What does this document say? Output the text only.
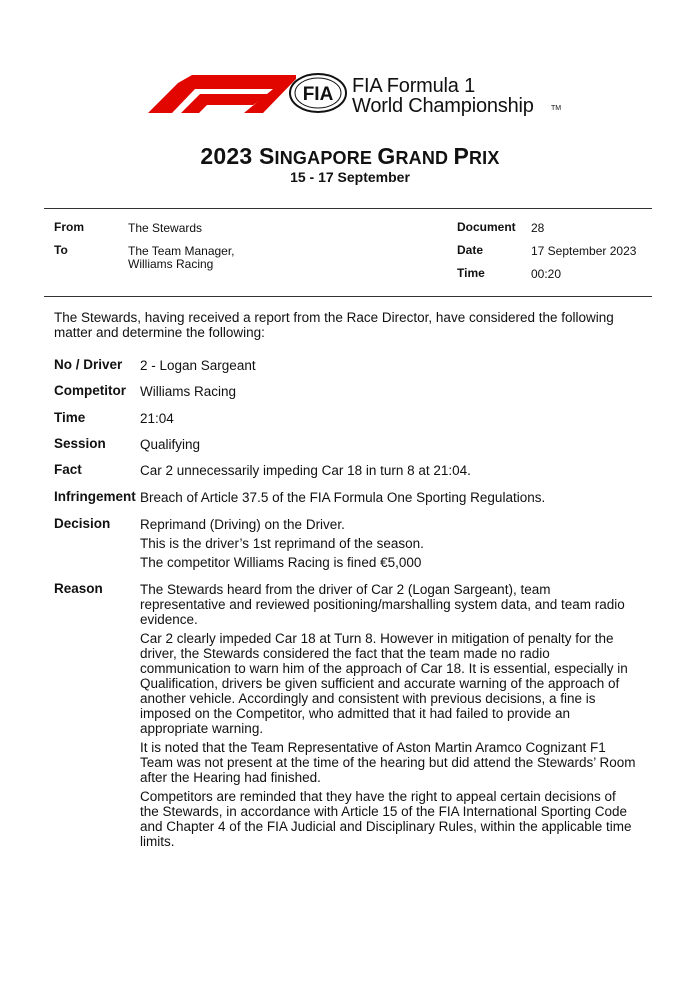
FIA FIA Formula 1
World Championship TM
2023 SINGAPORE GRAND PRIX
15 - 17 September
From	The Stewards
To	The Team Manager,
Williams Racing
Document 28
Date	17 September 2023
Time	00:20
The Stewards, having received a report from the Race Director, have considered the following matter and determine the following:
No / Driver 2 - Logan Sargeant
Competitor Williams Racing
Time	21:04
Session	Qualifying
Fact	Car 2 unnecessarily impeding Car 18 in turn 8 at 21:04.
Infringement Breach of Article 37.5 of the FIA Formula One Sporting Regulations.
Decision Reprimand (Driving) on the Driver.

This is the driver’s 1st reprimand of the season.

The competitor Williams Racing is fined €5,000

Reason	The Stewards heard from the driver of Car 2 (Logan Sargeant), team representative and reviewed positioning/marshalling system data, and team radio evidence.

Car 2 clearly impeded Car 18 at Turn 8. However in mitigation of penalty for the driver, the Stewards considered the fact that the team made no radio communication to warn him of the approach of Car 18. It is essential, especially in Qualification, drivers be given sufficient and accurate warning of the approach of another vehicle. Accordingly and consistent with previous decisions, a fine is imposed on the Competitor, who admitted that it had failed to provide an appropriate warning.

It is noted that the Team Representative of Aston Martin Aramco Cognizant F1 Team was not present at the time of the hearing but did attend the Stewards’ Room after the Hearing had finished.

Competitors are reminded that they have the right to appeal certain decisions of the Stewards, in accordance with Article 15 of the FIA International Sporting Code and Chapter 4 of the FIA Judicial and Disciplinary Rules, within the applicable time limits.
